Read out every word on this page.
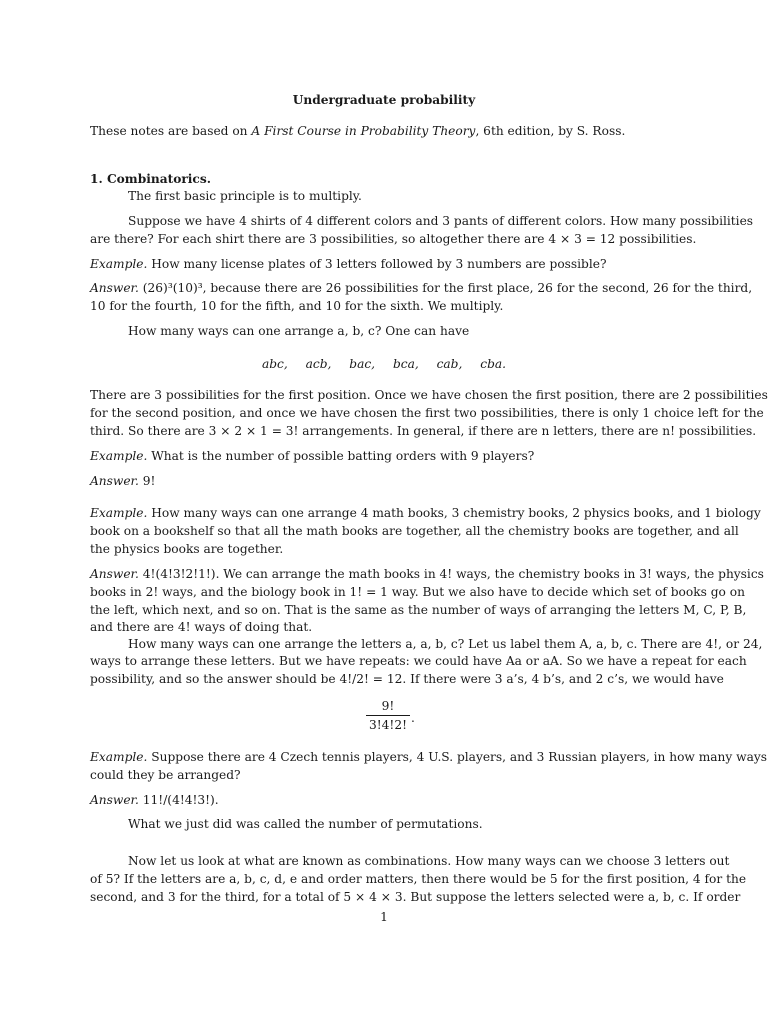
Undergraduate probability
These notes are based on A First Course in Probability Theory, 6th edition, by S. Ross.
1. Combinatorics.
The first basic principle is to multiply.
Suppose we have 4 shirts of 4 different colors and 3 pants of different colors. How many possibilities
are there? For each shirt there are 3 possibilities, so altogether there are 4 × 3 = 12 possibilities.
Example. How many license plates of 3 letters followed by 3 numbers are possible?
Answer. (26)³(10)³, because there are 26 possibilities for the first place, 26 for the second, 26 for the third,
10 for the fourth, 10 for the fifth, and 10 for the sixth. We multiply.
How many ways can one arrange a, b, c? One can have
abc, acb, bac, bca, cab, cba.
There are 3 possibilities for the first position. Once we have chosen the first position, there are 2 possibilities
for the second position, and once we have chosen the first two possibilities, there is only 1 choice left for the
third. So there are 3 × 2 × 1 = 3! arrangements. In general, if there are n letters, there are n! possibilities.
Example. What is the number of possible batting orders with 9 players?
Answer. 9!
Example. How many ways can one arrange 4 math books, 3 chemistry books, 2 physics books, and 1 biology
book on a bookshelf so that all the math books are together, all the chemistry books are together, and all
the physics books are together.
Answer. 4!(4!3!2!1!). We can arrange the math books in 4! ways, the chemistry books in 3! ways, the physics
books in 2! ways, and the biology book in 1! = 1 way. But we also have to decide which set of books go on
the left, which next, and so on. That is the same as the number of ways of arranging the letters M, C, P, B,
and there are 4! ways of doing that.
How many ways can one arrange the letters a, a, b, c? Let us label them A, a, b, c. There are 4!, or 24,
ways to arrange these letters. But we have repeats: we could have Aa or aA. So we have a repeat for each
possibility, and so the answer should be 4!/2! = 12. If there were 3 a’s, 4 b’s, and 2 c’s, we would have
9!
3!4!2! .
Example. Suppose there are 4 Czech tennis players, 4 U.S. players, and 3 Russian players, in how many ways
could they be arranged?
Answer. 11!/(4!4!3!).
What we just did was called the number of permutations.
Now let us look at what are known as combinations. How many ways can we choose 3 letters out
of 5? If the letters are a, b, c, d, e and order matters, then there would be 5 for the first position, 4 for the
second, and 3 for the third, for a total of 5 × 4 × 3. But suppose the letters selected were a, b, c. If order
1
